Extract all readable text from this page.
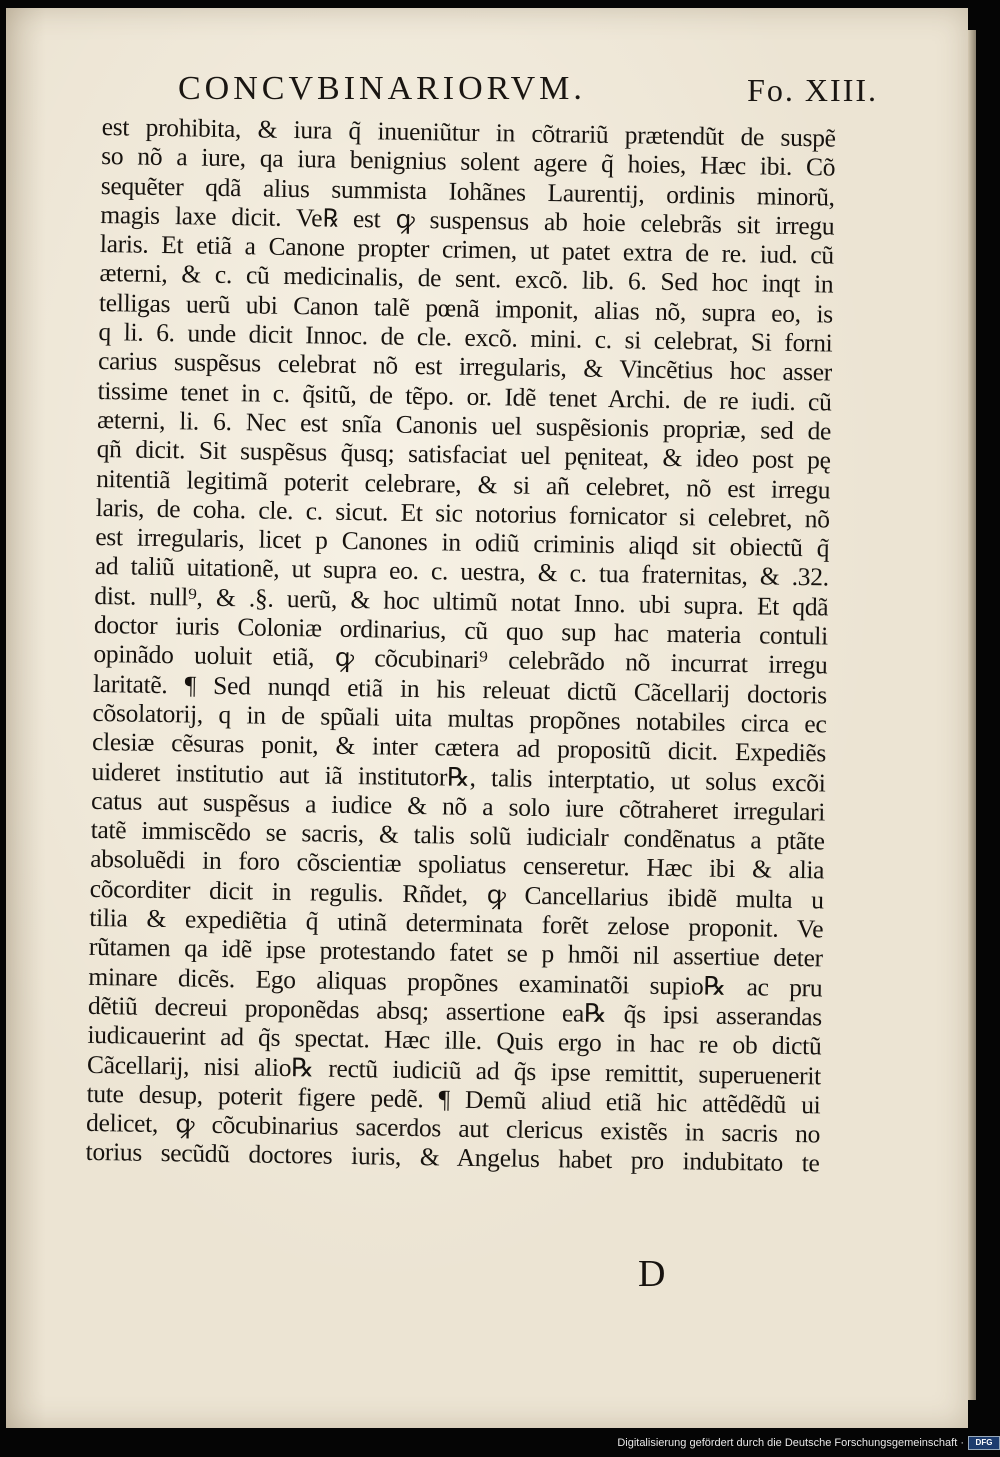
CONCVBINARIORVM.	Fo. XIII.
est prohibita, & iura q̃ inueniũtur in cõtrariũ prætendũt de suspẽ
so nõ a iure, qa iura benignius solent agere q̃ hoies, Hæc ibi. Cõ
sequẽter qdã alius summista Iohãnes Laurentij, ordinis minorũ,
magis laxe dicit. Ve℞ est ꝙ suspensus ab hoie celebrãs sit irregu
laris. Et etiã a Canone propter crimen, ut patet extra de re. iud. cũ
æterni, & c. cũ medicinalis, de sent. excõ. lib. 6. Sed hoc inqt in
telligas uerũ ubi Canon talẽ pœnã imponit, alias nõ, supra eo, is
q li. 6. unde dicit Innoc. de cle. excõ. mini. c. si celebrat, Si forni
carius suspẽsus celebrat nõ est irregularis, & Vincẽtius hoc asser
tissime tenet in c. q̃sitũ, de tẽpo. or. Idẽ tenet Archi. de re iudi. cũ
æterni, li. 6. Nec est snĩa Canonis uel suspẽsionis propriæ, sed de
qñ dicit. Sit suspẽsus q̃usq; satisfaciat uel pęniteat, & ideo post pę
nitentiã legitimã poterit celebrare, & si añ celebret, nõ est irregu
laris, de coha. cle. c. sicut. Et sic notorius fornicator si celebret, nõ
est irregularis, licet p Canones in odiũ criminis aliqd sit obiectũ q̃
ad taliũ uitationẽ, ut supra eo. c. uestra, & c. tua fraternitas, & .32.
dist. null⁹, & .§. uerũ, & hoc ultimũ notat Inno. ubi supra. Et qdã
doctor iuris Coloniæ ordinarius, cũ quo sup hac materia contuli
opinãdo uoluit etiã, ꝙ cõcubinari⁹ celebrãdo nõ incurrat irregu
laritatẽ. ¶ Sed nunqd etiã in his releuat dictũ Cãcellarij doctoris
cõsolatorij, q in de spũali uita multas propõnes notabiles circa ec
clesiæ cẽsuras ponit, & inter cætera ad propositũ dicit. Expediẽs
uideret institutio aut iã institutor℞, talis interptatio, ut solus excõi
catus aut suspẽsus a iudice & nõ a solo iure cõtraheret irregulari
tatẽ immiscẽdo se sacris, & talis solũ iudicialr condẽnatus a ptãte
absoluẽdi in foro cõscientiæ spoliatus censeretur. Hæc ibi & alia
cõcorditer dicit in regulis. Rñdet, ꝙ Cancellarius ibidẽ multa u
tilia & expediẽtia q̃ utinã determinata forẽt zelose proponit. Ve
rũtamen qa idẽ ipse protestando fatet se p hmõi nil assertiue deter
minare dicẽs. Ego aliquas propõnes examinatõi supio℞ ac pru
dẽtiũ decreui proponẽdas absq; assertione ea℞ q̃s ipsi asserandas
iudicauerint ad q̃s spectat. Hæc ille. Quis ergo in hac re ob dictũ
Cãcellarij, nisi alio℞ rectũ iudiciũ ad q̃s ipse remittit, superuenerit
tute desup, poterit figere pedẽ. ¶ Demũ aliud etiã hic attẽdẽdũ ui
delicet, ꝙ cõcubinarius sacerdos aut clericus existẽs in sacris no
torius secũdũ doctores iuris, & Angelus habet pro indubitato te
D
Digitalisierung gefördert durch die Deutsche Forschungsgemeinschaft ·	DFG
